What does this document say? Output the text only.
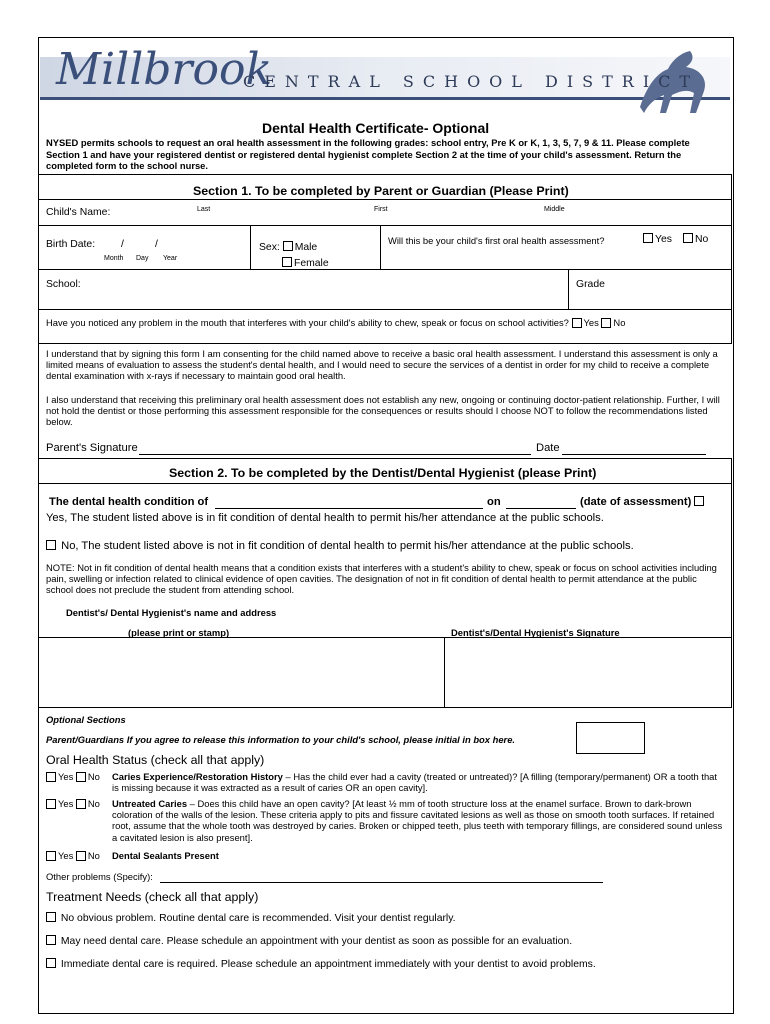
Millbrook
CENTRAL SCHOOL DISTRICT
Dental Health Certificate- Optional
NYSED permits schools to request an oral health assessment in the following grades: school entry, Pre K or K, 1, 3, 5, 7, 9 & 11. Please complete Section 1 and have your registered dentist or registered dental hygienist complete Section 2 at the time of your child's assessment. Return the completed form to the school nurse.
Section 1. To be completed by Parent or Guardian (Please Print)
Child's Name:	Last	First	Middle
Birth Date: /	/
Month Day Year
Sex: Male
Female
Will this be your child's first oral health assessment?	Yes	No
School:	Grade
Have you noticed any problem in the mouth that interferes with your child's ability to chew, speak or focus on school activities? Yes No
I understand that by signing this form I am consenting for the child named above to receive a basic oral health assessment. I understand this assessment is only a limited means of evaluation to assess the student's dental health, and I would need to secure the services of a dentist in order for my child to receive a complete dental examination with x-rays if necessary to maintain good oral health.
I also understand that receiving this preliminary oral health assessment does not establish any new, ongoing or continuing doctor-patient relationship. Further, I will not hold the dentist or those performing this assessment responsible for the consequences or results should I choose NOT to follow the recommendations listed below.
Parent's Signature	Date
Section 2. To be completed by the Dentist/Dental Hygienist (please Print)
The dental health condition of	on	(date of assessment)
Yes, The student listed above is in fit condition of dental health to permit his/her attendance at the public schools.
No, The student listed above is not in fit condition of dental health to permit his/her attendance at the public schools.
NOTE: Not in fit condition of dental health means that a condition exists that interferes with a student's ability to chew, speak or focus on school activities including pain, swelling or infection related to clinical evidence of open cavities. The designation of not in fit condition of dental health to permit attendance at the public school does not preclude the student from attending school.
Dentist's/ Dental Hygienist's name and address
(please print or stamp)	Dentist's/Dental Hygienist's Signature
Optional Sections
Parent/Guardians If you agree to release this information to your child's school, please initial in box here.
Oral Health Status (check all that apply)
Yes No Caries Experience/Restoration History – Has the child ever had a cavity (treated or untreated)? [A filling (temporary/permanent) OR a tooth that is missing because it was extracted as a result of caries OR an open cavity].
Yes No Untreated Caries – Does this child have an open cavity? [At least ½ mm of tooth structure loss at the enamel surface. Brown to dark-brown coloration of the walls of the lesion. These criteria apply to pits and fissure cavitated lesions as well as those on smooth tooth surfaces. If retained root, assume that the whole tooth was destroyed by caries. Broken or chipped teeth, plus teeth with temporary fillings, are considered sound unless a cavitated lesion is also present].
Yes No Dental Sealants Present
Other problems (Specify):
Treatment Needs (check all that apply)
No obvious problem. Routine dental care is recommended. Visit your dentist regularly.
May need dental care. Please schedule an appointment with your dentist as soon as possible for an evaluation.
Immediate dental care is required. Please schedule an appointment immediately with your dentist to avoid problems.
